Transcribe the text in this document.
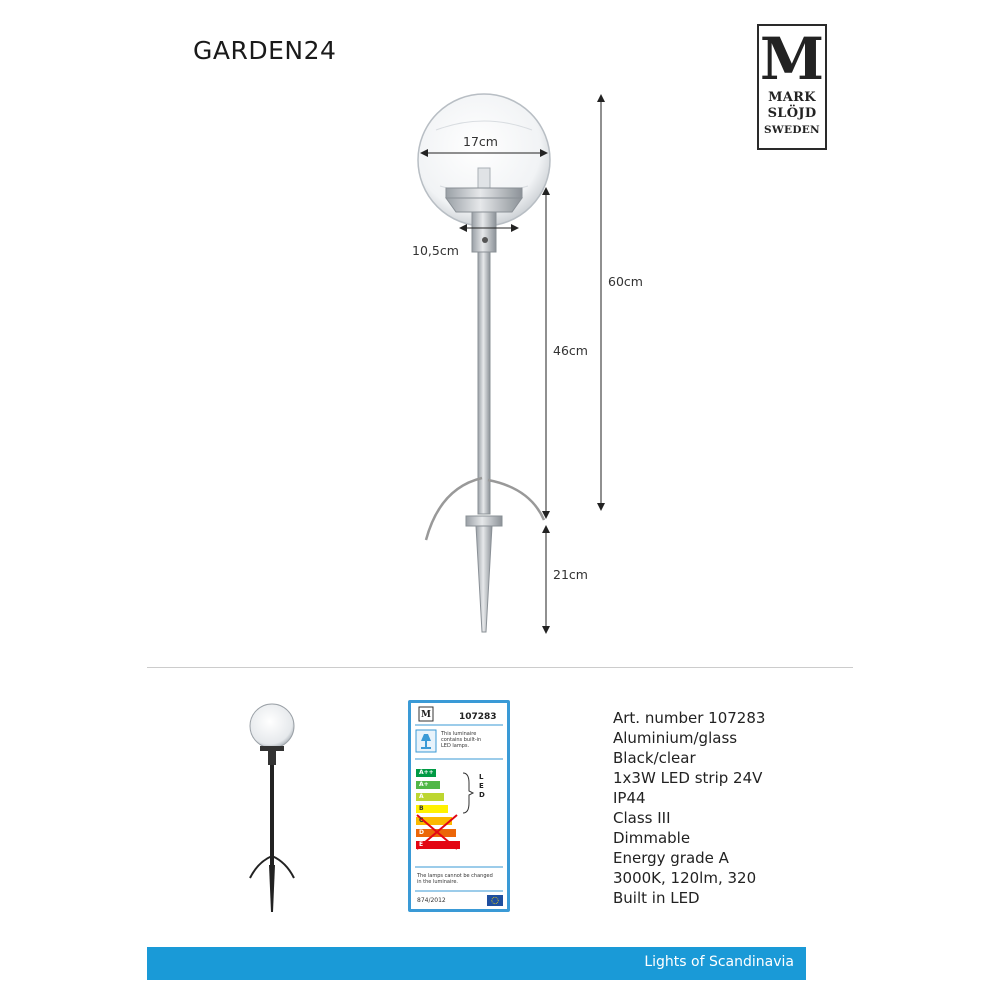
GARDEN24	M
MARK
SLÖJD
SWEDEN
17cm
10,5cm
60cm
46cm
21cm
M	107283
This luminaire contains built-in LED lamps.
LED
The lamps cannot be changed in the luminaire.
874/2012
A++
A+
A
B
C
D
E
Art. number 107283
Aluminium/glass
Black/clear
1x3W LED strip 24V
IP44
Class III
Dimmable
Energy grade A
3000K, 120lm, 320
Built in LED
Lights of Scandinavia
